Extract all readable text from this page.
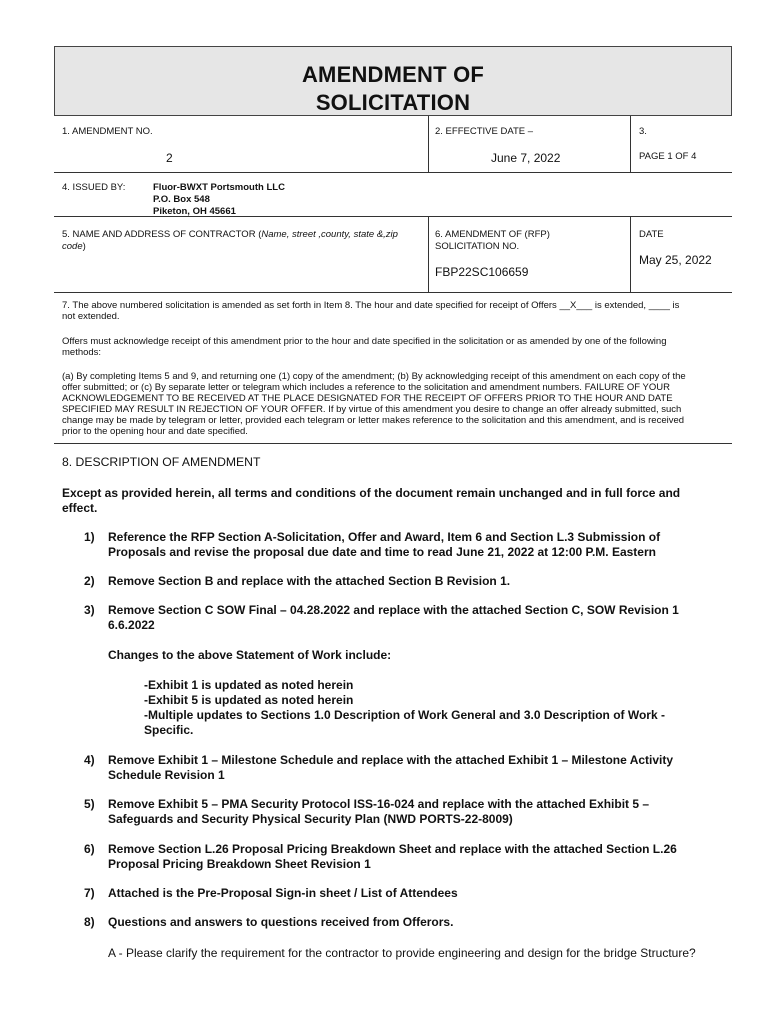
AMENDMENT OF
SOLICITATION
1. AMENDMENT NO.
2
2. EFFECTIVE DATE –
June 7, 2022
3.
PAGE 1 OF 4
4. ISSUED BY:	Fluor-BWXT Portsmouth LLC
P.O. Box 548
Piketon, OH 45661
5. NAME AND ADDRESS OF CONTRACTOR (Name, street ,county, state &,zip code)
6. AMENDMENT OF (RFP)
SOLICITATION NO.
FBP22SC106659
DATE
May 25, 2022
7. The above numbered solicitation is amended as set forth in Item 8. The hour and date specified for receipt of Offers __X___ is extended, ____ is
not extended.
Offers must acknowledge receipt of this amendment prior to the hour and date specified in the solicitation or as amended by one of the following
methods:
(a) By completing Items 5 and 9, and returning one (1) copy of the amendment; (b) By acknowledging receipt of this amendment on each copy of the
offer submitted; or (c) By separate letter or telegram which includes a reference to the solicitation and amendment numbers. FAILURE OF YOUR
ACKNOWLEDGEMENT TO BE RECEIVED AT THE PLACE DESIGNATED FOR THE RECEIPT OF OFFERS PRIOR TO THE HOUR AND DATE
SPECIFIED MAY RESULT IN REJECTION OF YOUR OFFER. If by virtue of this amendment you desire to change an offer already submitted, such
change may be made by telegram or letter, provided each telegram or letter makes reference to the solicitation and this amendment, and is received
prior to the opening hour and date specified.
8. DESCRIPTION OF AMENDMENT
Except as provided herein, all terms and conditions of the document remain unchanged and in full force and
effect.
1)	Reference the RFP Section A-Solicitation, Offer and Award, Item 6 and Section L.3 Submission of
Proposals and revise the proposal due date and time to read June 21, 2022 at 12:00 P.M. Eastern
2)	Remove Section B and replace with the attached Section B Revision 1.
3)	Remove Section C SOW Final – 04.28.2022 and replace with the attached Section C, SOW Revision 1
6.6.2022
Changes to the above Statement of Work include:
-Exhibit 1 is updated as noted herein
-Exhibit 5 is updated as noted herein
-Multiple updates to Sections 1.0 Description of Work General and 3.0 Description of Work -
Specific.
4)	Remove Exhibit 1 – Milestone Schedule and replace with the attached Exhibit 1 – Milestone Activity
Schedule Revision 1
5)	Remove Exhibit 5 – PMA Security Protocol ISS-16-024 and replace with the attached Exhibit 5 –
Safeguards and Security Physical Security Plan (NWD PORTS-22-8009)
6)	Remove Section L.26 Proposal Pricing Breakdown Sheet and replace with the attached Section L.26
Proposal Pricing Breakdown Sheet Revision 1
7)	Attached is the Pre-Proposal Sign-in sheet / List of Attendees
8)	Questions and answers to questions received from Offerors.
A - Please clarify the requirement for the contractor to provide engineering and design for the bridge Structure?
